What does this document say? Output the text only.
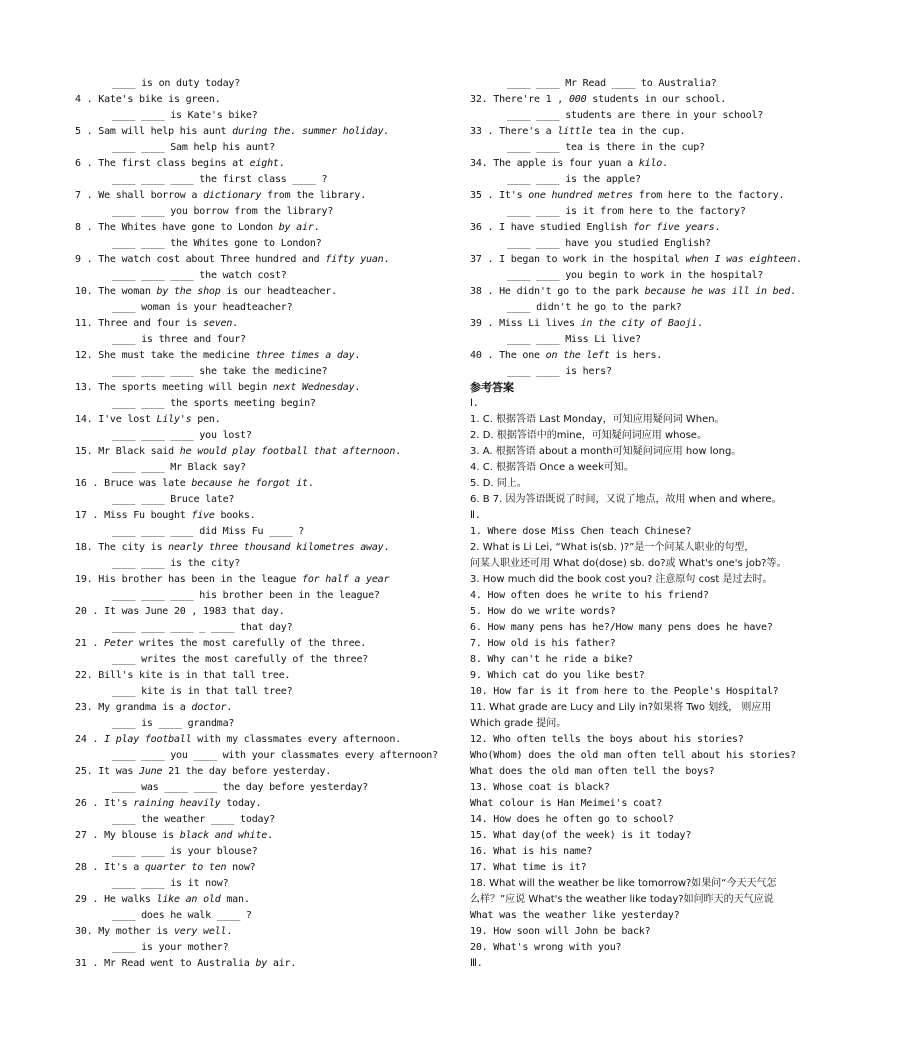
____ is on duty today?
4 . Kate's bike is green.
____ ____ is Kate's bike?
5 . Sam will help his aunt during the. summer holiday.
____ ____ Sam help his aunt?
6 . The first class begins at eight.
____ ____ ____ the first class ____ ?
7 . We shall borrow a dictionary from the library.
____ ____ you borrow from the library?
8 . The Whites have gone to London by air.
____ ____ the Whites gone to London?
9 . The watch cost about Three hundred and fifty yuan.
____ ____ ____ the watch cost?
10. The woman by the shop is our headteacher.
____ woman is your headteacher?
11. Three and four is seven.
____ is three and four?
12. She must take the medicine three times a day.
____ ____ ____ she take the medicine?
13. The sports meeting will begin next Wednesday.
____ ____ the sports meeting begin?
14. I've lost Lily's pen.
____ ____ ____ you lost?
15. Mr Black said he would play football that afternoon.
____ ____ Mr Black say?
16 . Bruce was late because he forgot it.
____ ____ Bruce late?
17 . Miss Fu bought five books.
____ ____ ____ did Miss Fu ____ ?
18. The city is nearly three thousand kilometres away.
____ ____ is the city?
19. His brother has been in the league for half a year
____ ____ ____ his brother been in the league?
20 . It was June 20 , 1983 that day.
____ ____ ____ _ ____ that day?
21 . Peter writes the most carefully of the three.
____ writes the most carefully of the three?
22. Bill's kite is in that tall tree.
____ kite is in that tall tree?
23. My grandma is a doctor.
____ is ____ grandma?
24 . I play football with my classmates every afternoon.
____ ____ you ____ with your classmates every afternoon?
25. It was June 21 the day before yesterday.
____ was ____ ____ the day before yesterday?
26 . It's raining heavily today.
____ the weather ____ today?
27 . My blouse is black and white.
____ ____ is your blouse?
28 . It's a quarter to ten now?
____ ____ is it now?
29 . He walks like an old man.
____ does he walk ____ ?
30. My mother is very well.
____ is your mother?
31 . Mr Read went to Australia by air.
____ ____ Mr Read ____ to Australia?
32. There're 1 , 000 students in our school.
____ ____ students are there in your school?
33 . There's a little tea in the cup.
____ ____ tea is there in the cup?
34. The apple is four yuan a kilo.
____ ____ is the apple?
35 . It's one hundred metres from here to the factory.
____ ____ is it from here to the factory?
36 . I have studied English for five years.
____ ____ have you studied English?
37 . I began to work in the hospital when I was eighteen.
____ ____ you begin to work in the hospital?
38 . He didn't go to the park because he was ill in bed.
____ didn't he go to the park?
39 . Miss Li lives in the city of Baoji.
____ ____ Miss Li live?
40 . The one on the left is hers.
____ ____ is hers?
参考答案
Ⅰ.
1. C. 根据答语 Last Monday，可知应用疑问词 When。
2. D. 根据答语中的mine，可知疑问词应用 whose。
3. A. 根据答语 about a month可知疑问词应用 how long。
4. C. 根据答语 Once a week可知。
5. D. 同上。
6. B 7. 因为答语既说了时间，又说了地点，故用 when and where。
Ⅱ.
1. Where dose Miss Chen teach Chinese?
2. What is Li Lei, “What is(sb. )?”是一个问某人职业的句型，
问某人职业还可用 What do(dose) sb. do?或 What's one's job?等。
3. How much did the book cost you? 注意原句 cost 是过去时。
4. How often does he write to his friend?
5. How do we write words?
6. How many pens has he?/How many pens does he have?
7. How old is his father?
8. Why can't he ride a bike?
9. Which cat do you like best?
10. How far is it from here to the People's Hospital?
11. What grade are Lucy and Lily in?如果将 Two 划线， 则应用
Which grade 提问。
12. Who often tells the boys about his stories?
Who(Whom) does the old man often tell about his stories?
What does the old man often tell the boys?
13. Whose coat is black?
What colour is Han Meimei's coat?
14. How does he often go to school?
15. What day(of the week) is it today?
16. What is his name?
17. What time is it?
18. What will the weather be like tomorrow?如果问“今天天气怎
么样？”应说 What's the weather like today?如问昨天的天气应说
What was the weather like yesterday?
19. How soon will John be back?
20. What's wrong with you?
Ⅲ.
